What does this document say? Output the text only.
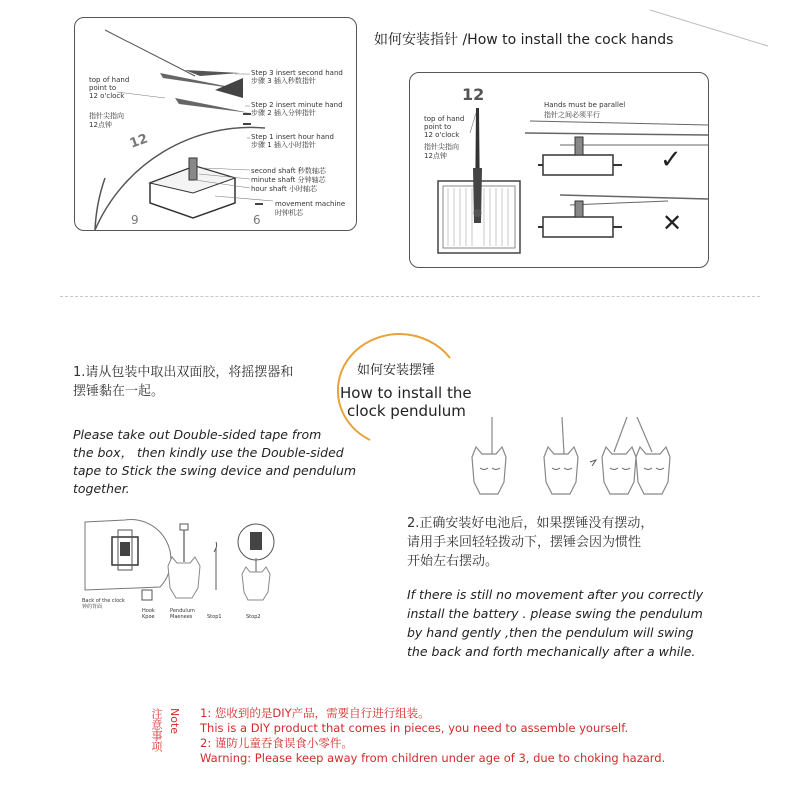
12
9	6
Step 3 insert second hand
步骤 3 插入秒数指针
Step 2 insert minute hand
步骤 2 插入分钟指针
Step 1 insert hour hand
步骤 1 插入小时指针
top of hand
point to
12 o'clock
指针尖指向
12点钟
second shaft 秒数轴芯
minute shaft 分钟轴芯
hour shaft 小时轴芯
movement machine
时钟机芯
如何安装指针 /How to install the cock hands
12
top of hand
point to
12 o'clock
指针尖指向
12点钟
Hands must be parallel
指针之间必须平行
✓
✕
1.请从包装中取出双面胶，将摇摆器和
摆锤黏在一起。
如何安装摆锤
How to install the
clock pendulum
Please take out Double-sided tape from
the box， then kindly use the Double-sided
tape to Stick the swing device and pendulum
together.
Back of the clock
钟的背面
Hook
Kpoe
Pendulum
Maenees	Stop1	Stop2
2.正确安装好电池后，如果摆锤没有摆动，
请用手来回轻轻拨动下，摆锤会因为惯性
开始左右摆动。
If there is still no movement after you correctly
install the battery . please swing the pendulum
by hand gently ,then the pendulum will swing
the back and forth mechanically after a while.
注意事项 Note 1: 您收到的是DIY产品，需要自行进行组装。
This is a DIY product that comes in pieces, you need to assemble yourself.
2: 谨防儿童吞食误食小零件。
Warning: Please keep away from children under age of 3, due to choking hazard.
